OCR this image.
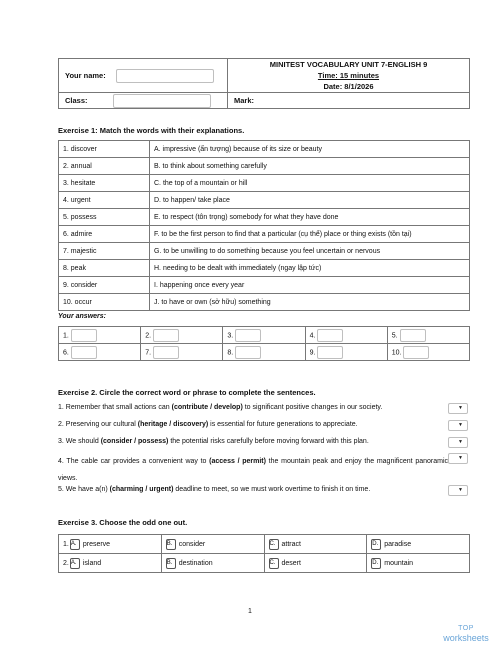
Your name:	MINITEST VOCABULARY UNIT 7-ENGLISH 9
Time: 15 minutes
Date: 8/1/2026

Class:	Mark:
Exercise 1: Match the words with their explanations.
1. discover	A. impressive (ấn tượng) because of its size or beauty
2. annual	B. to think about something carefully
3. hesitate	C. the top of a mountain or hill
4. urgent	D. to happen/ take place
5. possess	E. to respect (tôn trọng) somebody for what they have done
6. admire	F. to be the first person to find that a particular (cụ thể) place or thing exists (tồn tại)
7. majestic	G. to be unwilling to do something because you feel uncertain or nervous
8. peak	H. needing to be dealt with immediately (ngay lập tức)
9. consider	I. happening once every year
10. occur	J. to have or own (sở hữu) something
Your answers:
1.	2.	3.	4.	5.
6.	7.	8.	9.	10.
Exercise 2. Circle the correct word or phrase to complete the sentences.
1. Remember that small actions can (contribute / develop) to significant positive changes in our society.	▼
2. Preserving our cultural (heritage / discovery) is essential for future generations to appreciate.	▼
3. We should (consider / possess) the potential risks carefully before moving forward with this plan.	▼
4. The cable car provides a convenient way to (access / permit) the mountain peak and enjoy the magnificent panoramic views.
▼
5. We have a(n) (charming / urgent) deadline to meet, so we must work overtime to finish it on time.	▼
Exercise 3. Choose the odd one out.
1. A. preserve	B. consider	C. attract	D. paradise
2. A. island	B. destination	C. desert	D. mountain
1
TOP
worksheets
